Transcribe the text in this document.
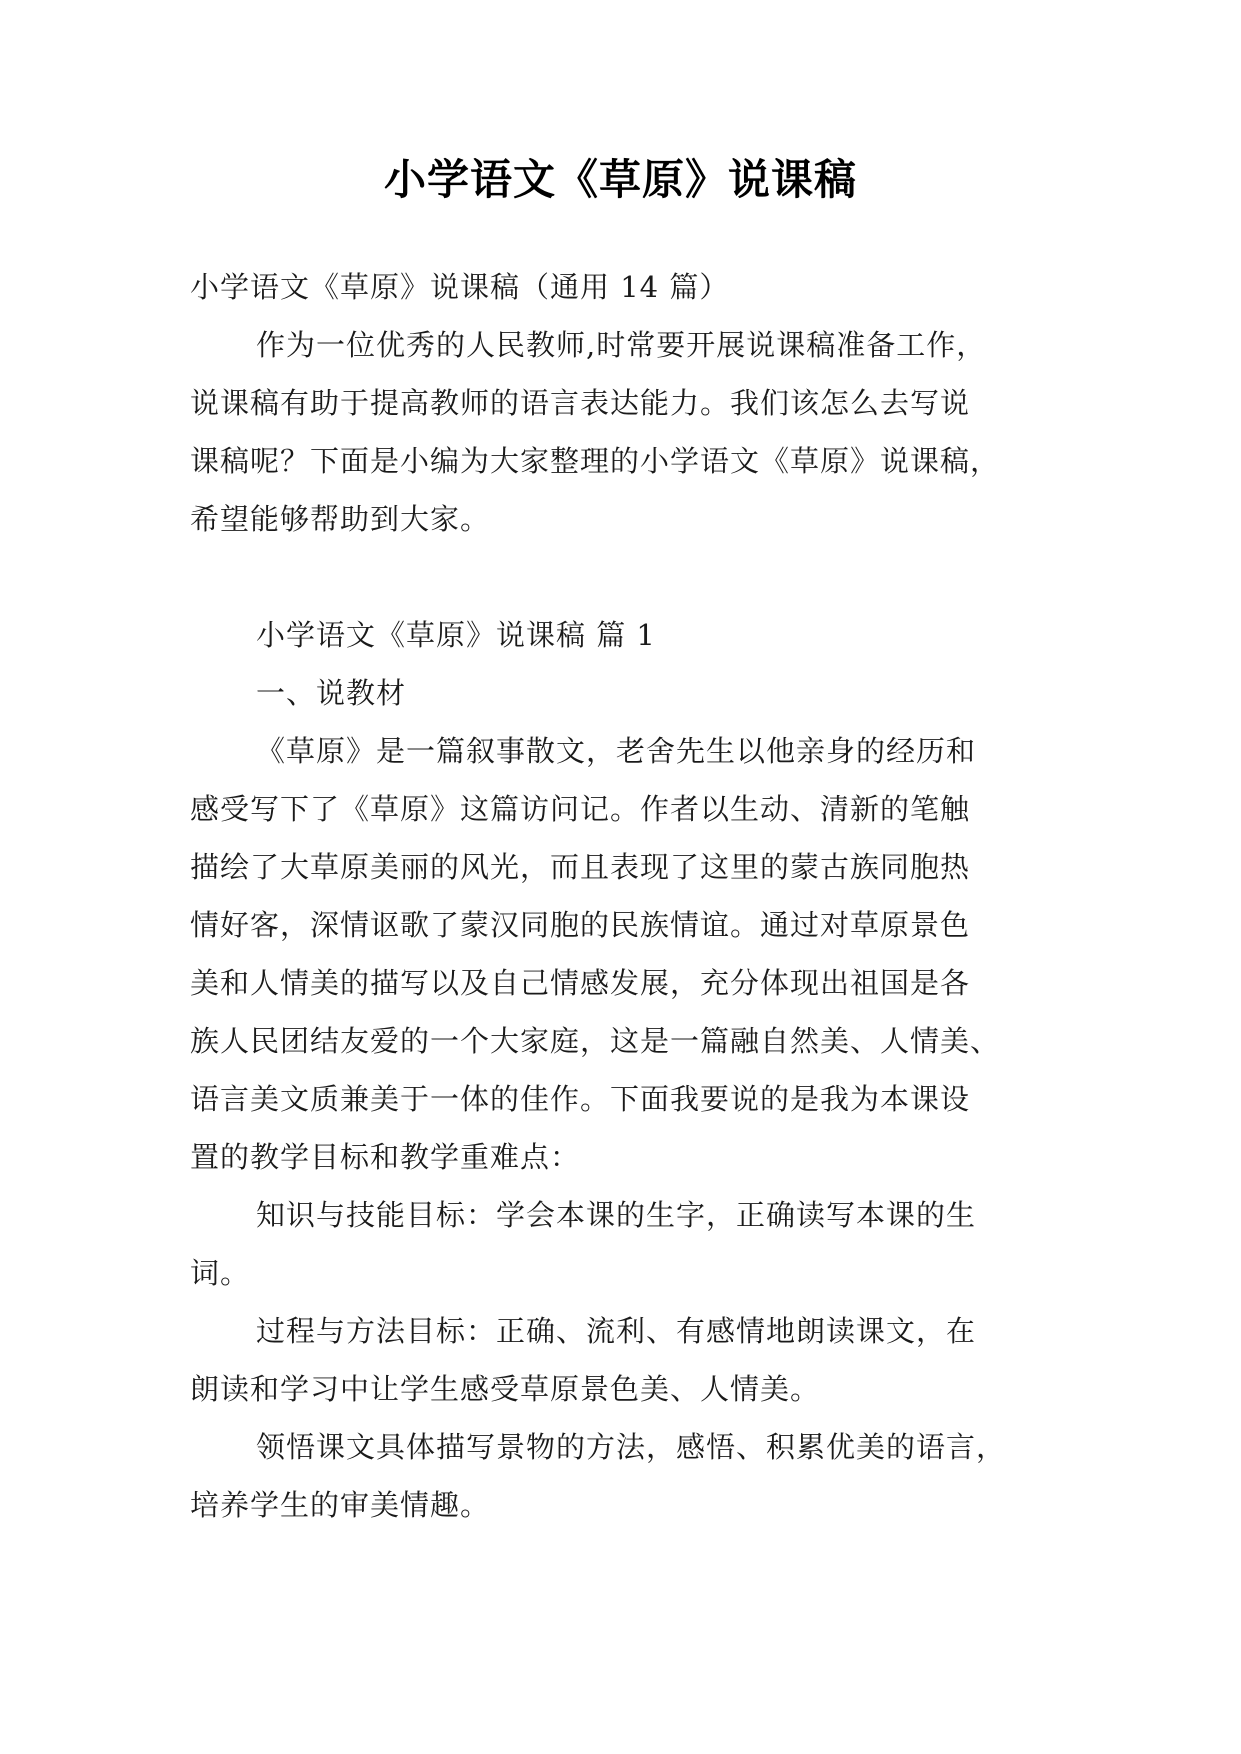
小学语文《草原》说课稿
小学语文《草原》说课稿（通用 14 篇）
作为一位优秀的人民教师,时常要开展说课稿准备工作，
说课稿有助于提高教师的语言表达能力。我们该怎么去写说
课稿呢？下面是小编为大家整理的小学语文《草原》说课稿，
希望能够帮助到大家。
小学语文《草原》说课稿 篇 1
一、说教材
《草原》是一篇叙事散文，老舍先生以他亲身的经历和
感受写下了《草原》这篇访问记。作者以生动、清新的笔触
描绘了大草原美丽的风光，而且表现了这里的蒙古族同胞热
情好客，深情讴歌了蒙汉同胞的民族情谊。通过对草原景色
美和人情美的描写以及自己情感发展，充分体现出祖国是各
族人民团结友爱的一个大家庭，这是一篇融自然美、人情美、
语言美文质兼美于一体的佳作。下面我要说的是我为本课设
置的教学目标和教学重难点：
知识与技能目标：学会本课的生字，正确读写本课的生
词。
过程与方法目标：正确、流利、有感情地朗读课文，在
朗读和学习中让学生感受草原景色美、人情美。
领悟课文具体描写景物的方法，感悟、积累优美的语言，
培养学生的审美情趣。
